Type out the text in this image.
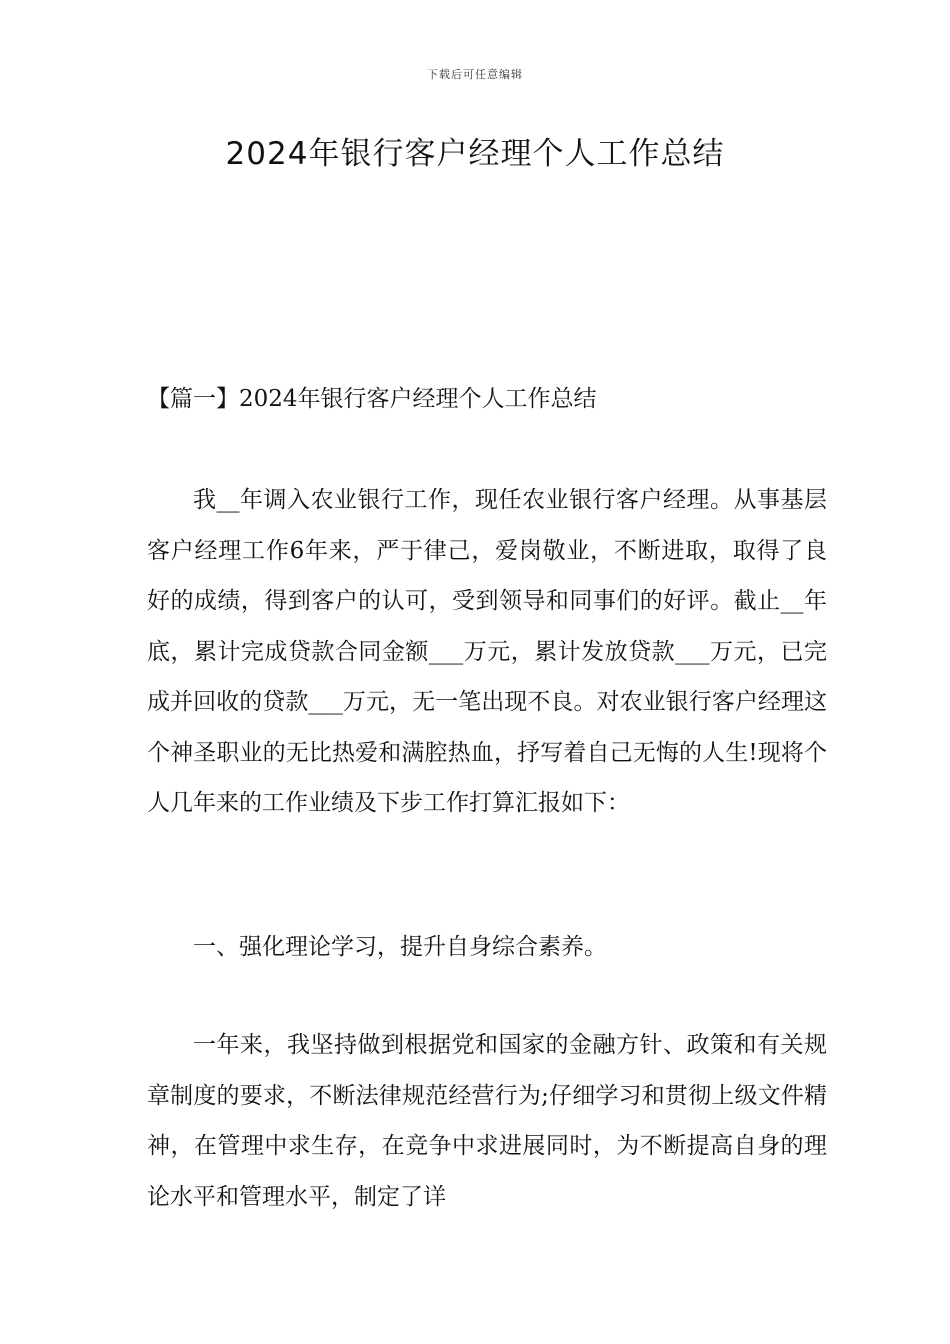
下载后可任意编辑
2024年银行客户经理个人工作总结
【篇一】2024年银行客户经理个人工作总结

我__年调入农业银行工作，现任农业银行客户经理。从事基层客户经理工作6年来，严于律己，爱岗敬业，不断进取，取得了良好的成绩，得到客户的认可，受到领导和同事们的好评。截止__年底，累计完成贷款合同金额___万元，累计发放贷款___万元，已完成并回收的贷款___万元，无一笔出现不良。对农业银行客户经理这个神圣职业的无比热爱和满腔热血，抒写着自己无悔的人生!现将个人几年来的工作业绩及下步工作打算汇报如下：

一、强化理论学习，提升自身综合素养。

一年来，我坚持做到根据党和国家的金融方针、政策和有关规章制度的要求，不断法律规范经营行为;仔细学习和贯彻上级文件精神，在管理中求生存，在竞争中求进展同时，为不断提高自身的理论水平和管理水平，制定了详
